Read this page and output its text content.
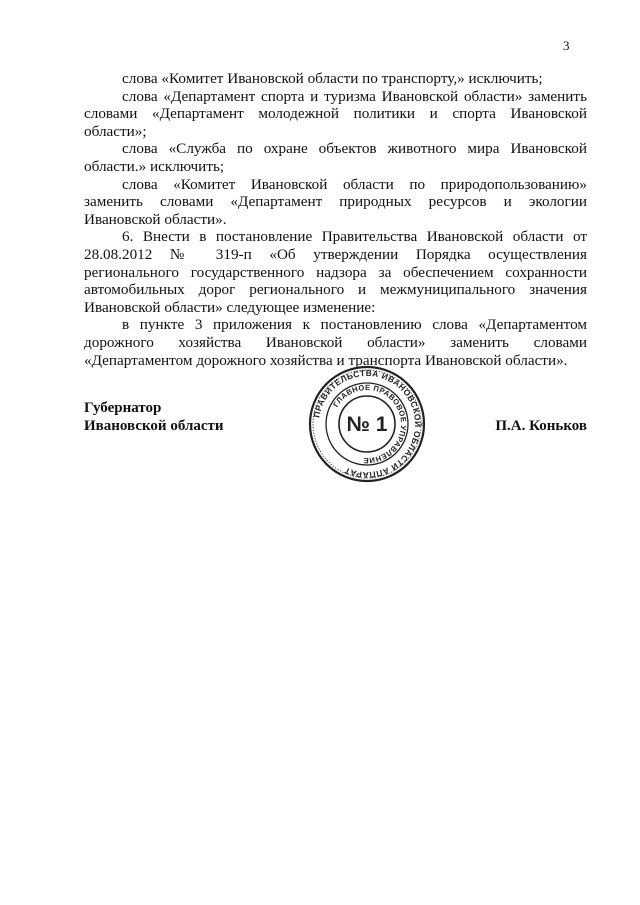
3

слова «Комитет Ивановской области по транспорту,» исключить;

слова «Департамент спорта и туризма Ивановской области» заменить словами «Департамент молодежной политики и спорта Ивановской области»;

слова «Служба по охране объектов животного мира Ивановской области.» исключить;

слова «Комитет Ивановской области по природопользованию» заменить словами «Департамент природных ресурсов и экологии Ивановской области».

6. Внести в постановление Правительства Ивановской области от 28.08.2012 № 319-п «Об утверждении Порядка осуществления регионального государственного надзора за обеспечением сохранности автомобильных дорог регионального и межмуниципального значения Ивановской области» следующее изменение:

в пункте 3 приложения к постановлению слова «Департаментом дорожного хозяйства Ивановской области» заменить словами «Департаментом дорожного хозяйства и транспорта Ивановской области».

Губернатор
Ивановской области	П.А. Коньков
ПРАВИТЕЛЬСТВА ИВАНОВСКОЙ ОБЛАСТИ АППАРАТ
ГЛАВНОЕ ПРАВОВОЕ УПРАВЛЕНИЕ
№ 1
